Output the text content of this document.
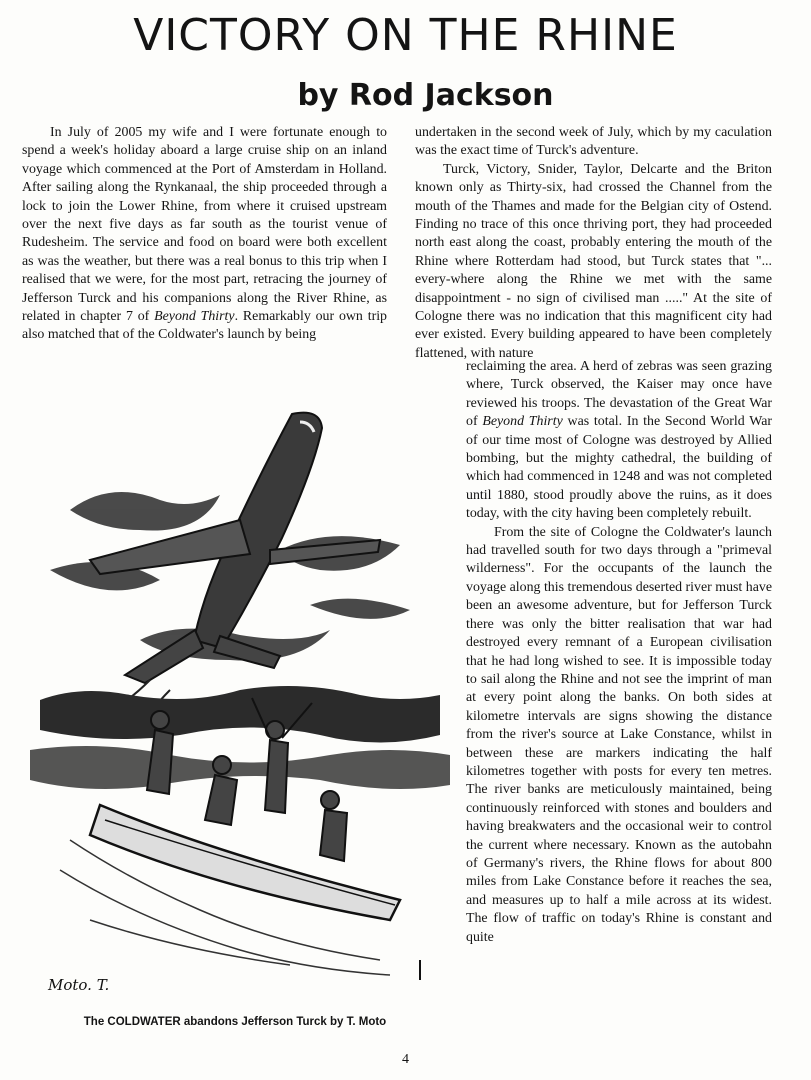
VICTORY ON THE RHINE
by Rod Jackson

In July of 2005 my wife and I were fortunate enough to spend a week's holiday aboard a large cruise ship on an inland voyage which commenced at the Port of Amsterdam in Holland. After sailing along the Rynkanaal, the ship proceeded through a lock to join the Lower Rhine, from where it cruised upstream over the next five days as far south as the tourist venue of Rudesheim. The service and food on board were both excellent as was the weather, but there was a real bonus to this trip when I realised that we were, for the most part, retracing the journey of Jefferson Turck and his companions along the River Rhine, as related in chapter 7 of Beyond Thirty. Remarkably our own trip also matched that of the Coldwater's launch by being

undertaken in the second week of July, which by my caculation was the exact time of Turck's adventure.

Turck, Victory, Snider, Taylor, Delcarte and the Briton known only as Thirty-six, had crossed the Channel from the mouth of the Thames and made for the Belgian city of Ostend. Finding no trace of this once thriving port, they had proceeded north east along the coast, probably entering the mouth of the Rhine where Rotterdam had stood, but Turck states that "... every-where along the Rhine we met with the same disappointment - no sign of civilised man ....." At the site of Cologne there was no indication that this magnificent city had ever existed. Every building appeared to have been completely flattened, with nature

reclaiming the area. A herd of zebras was seen grazing where, Turck observed, the Kaiser may once have reviewed his troops. The devastation of the Great War of Beyond Thirty was total. In the Second World War of our time most of Cologne was destroyed by Allied bombing, but the mighty cathedral, the building of which had commenced in 1248 and was not completed until 1880, stood proudly above the ruins, as it does today, with the city having been completely rebuilt.

From the site of Cologne the Coldwater's launch had travelled south for two days through a "primeval wilderness". For the occupants of the launch the voyage along this tremendous deserted river must have been an awesome adventure, but for Jefferson Turck there was only the bitter realisation that war had destroyed every remnant of a European civilisation that he had long wished to see. It is impossible today to sail along the Rhine and not see the imprint of man at every point along the banks. On both sides at kilometre intervals are signs showing the distance from the river's source at Lake Constance, whilst in between these are markers indicating the half kilometres together with posts for every ten metres. The river banks are meticulously maintained, being continuously reinforced with stones and boulders and having breakwaters and the occasional weir to control the current where necessary. Known as the autobahn of Germany's rivers, the Rhine flows for about 800 miles from Lake Constance before it reaches the sea, and measures up to half a mile across at its widest. The flow of traffic on today's Rhine is constant and quite

Moto. T.
The COLDWATER abandons Jefferson Turck by T. Moto
4
